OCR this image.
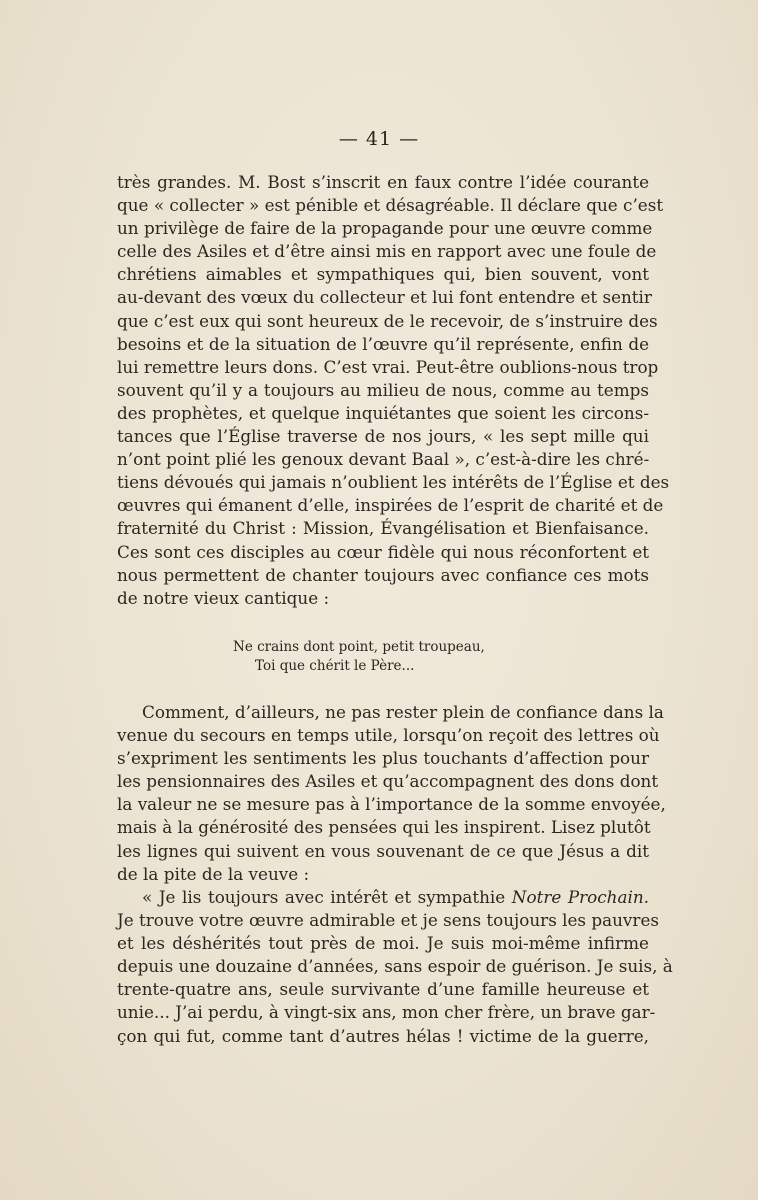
— 41 —
très grandes. M. Bost s’inscrit en faux contre l’idée courante
que « collecter » est pénible et désagréable. Il déclare que c’est
un privilège de faire de la propagande pour une œuvre comme
celle des Asiles et d’être ainsi mis en rapport avec une foule de
chrétiens aimables et sympathiques qui, bien souvent, vont
au-devant des vœux du collecteur et lui font entendre et sentir
que c’est eux qui sont heureux de le recevoir, de s’instruire des
besoins et de la situation de l’œuvre qu’il représente, enfin de
lui remettre leurs dons. C’est vrai. Peut-être oublions-nous trop
souvent qu’il y a toujours au milieu de nous, comme au temps
des prophètes, et quelque inquiétantes que soient les circons-
tances que l’Église traverse de nos jours, « les sept mille qui
n’ont point plié les genoux devant Baal », c’est-à-dire les chré-
tiens dévoués qui jamais n’oublient les intérêts de l’Église et des
œuvres qui émanent d’elle, inspirées de l’esprit de charité et de
fraternité du Christ : Mission, Évangélisation et Bienfaisance.
Ces sont ces disciples au cœur fidèle qui nous réconfortent et
nous permettent de chanter toujours avec confiance ces mots
de notre vieux cantique :
Ne crains dont point, petit troupeau,
Toi que chérit le Père...
Comment, d’ailleurs, ne pas rester plein de confiance dans la
venue du secours en temps utile, lorsqu’on reçoit des lettres où
s’expriment les sentiments les plus touchants d’affection pour
les pensionnaires des Asiles et qu’accompagnent des dons dont
la valeur ne se mesure pas à l’importance de la somme envoyée,
mais à la générosité des pensées qui les inspirent. Lisez plutôt
les lignes qui suivent en vous souvenant de ce que Jésus a dit
de la pite de la veuve :
« Je lis toujours avec intérêt et sympathie Notre Prochain.
Je trouve votre œuvre admirable et je sens toujours les pauvres
et les déshérités tout près de moi. Je suis moi-même infirme
depuis une douzaine d’années, sans espoir de guérison. Je suis, à
trente-quatre ans, seule survivante d’une famille heureuse et
unie... J’ai perdu, à vingt-six ans, mon cher frère, un brave gar-
çon qui fut, comme tant d’autres hélas ! victime de la guerre,
